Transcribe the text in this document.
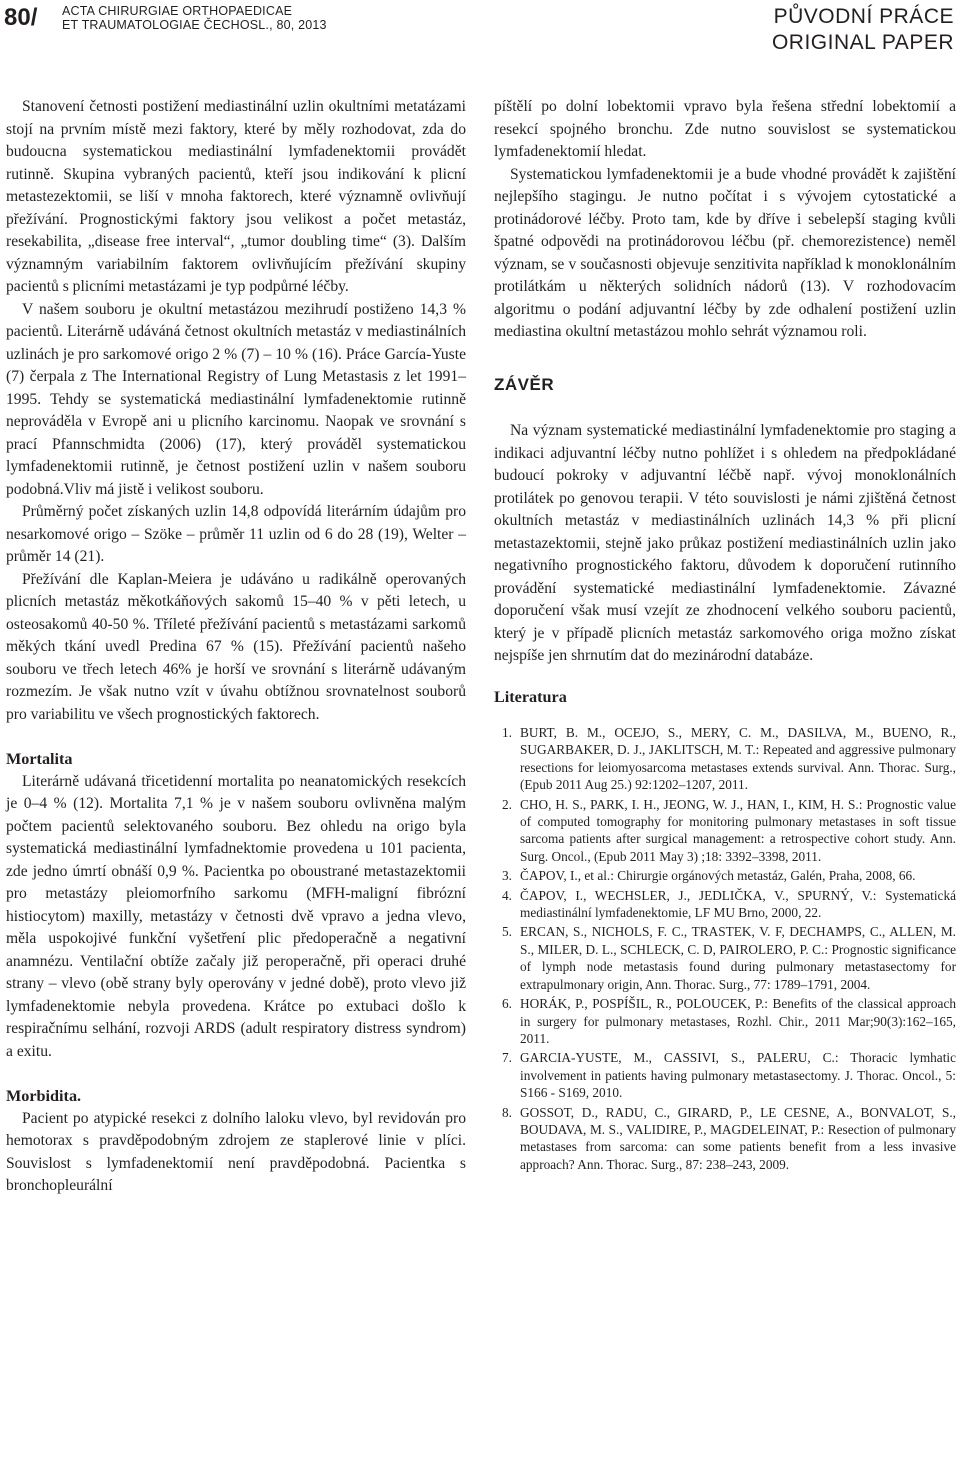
80/ ACTA CHIRURGIAE ORTHOPAEDICAE
ET TRAUMATOLOGIAE ČECHOSL., 80, 2013	PŮVODNÍ PRÁCE
ORIGINAL PAPER

Stanovení četnosti postižení mediastinální uzlin okultními metatázami stojí na prvním místě mezi faktory, které by měly rozhodovat, zda do budoucna systematickou mediastinální lymfadenektomii provádět rutinně. Skupina vybraných pacientů, kteří jsou indikování k plicní metastezektomii, se liší v mnoha faktorech, které významně ovlivňují přežívání. Prognostickými faktory jsou velikost a počet metastáz, resekabilita, „disease free interval“, „tumor doubling time“ (3). Dalším významným variabilním faktorem ovlivňujícím přežívání skupiny pacientů s plicními metastázami je typ podpůrné léčby.

V našem souboru je okultní metastázou mezihrudí postiženo 14,3 % pacientů. Literárně udáváná četnost okultních metastáz v mediastinálních uzlinách je pro sarkomové origo 2 % (7) – 10 % (16). Práce García-Yuste (7) čerpala z The International Registry of Lung Metastasis z let 1991–1995. Tehdy se systematická mediastinální lymfadenektomie rutinně neprováděla v Evropě ani u plicního karcinomu. Naopak ve srovnání s prací Pfannschmidta (2006) (17), který prováděl systematickou lymfadenektomii rutinně, je četnost postižení uzlin v našem souboru podobná.Vliv má jistě i velikost souboru.

Průměrný počet získaných uzlin 14,8 odpovídá literárním údajům pro nesarkomové origo – Szöke – průměr 11 uzlin od 6 do 28 (19), Welter – průměr 14 (21).

Přežívání dle Kaplan-Meiera je udáváno u radikálně operovaných plicních metastáz měkotkáňových sakomů 15–40 % v pěti letech, u osteosakomů 40-50 %. Tříleté přežívání pacientů s metastázami sarkomů měkých tkání uvedl Predina 67 % (15). Přežívání pacientů našeho souboru ve třech letech 46% je horší ve srovnání s literárně udávaným rozmezím. Je však nutno vzít v úvahu obtížnou srovnatelnost souborů pro variabilitu ve všech prognostických faktorech.

Mortalita

Literárně udávaná třicetidenní mortalita po neanatomických resekcích je 0–4 % (12). Mortalita 7,1 % je v našem souboru ovlivněna malým počtem pacientů selektovaného souboru. Bez ohledu na origo byla systematická mediastinální lymfadnektomie provedena u 101 pacienta, zde jedno úmrtí obnáší 0,9 %. Pacientka po oboustrané metastazektomii pro metastázy pleiomorfního sarkomu (MFH-maligní fibrózní histiocytom) maxilly, metastázy v četnosti dvě vpravo a jedna vlevo, měla uspokojivé funkční vyšetření plic předoperačně a negativní anamnézu. Ventilační obtíže začaly již peroperačně, při operaci druhé strany – vlevo (obě strany byly operovány v jedné době), proto vlevo již lymfadenektomie nebyla provedena. Krátce po extubaci došlo k respiračnímu selhání, rozvoji ARDS (adult respiratory distress syndrom) a exitu.

Morbidita.

Pacient po atypické resekci z dolního laloku vlevo, byl revidován pro hemotorax s pravděpodobným zdrojem ze staplerové linie v plíci. Souvislost s lymfadenektomií není pravděpodobná. Pacientka s bronchopleurální

píštělí po dolní lobektomii vpravo byla řešena střední lobektomií a resekcí spojného bronchu. Zde nutno souvislost se systematickou lymfadenektomií hledat.

Systematickou lymfadenektomii je a bude vhodné provádět k zajištění nejlepšího stagingu. Je nutno počítat i s vývojem cytostatické a protinádorové léčby. Proto tam, kde by dříve i sebelepší staging kvůli špatné odpovědi na protinádorovou léčbu (př. chemorezistence) neměl význam, se v současnosti objevuje senzitivita například k monoklonálním protilátkám u některých solidních nádorů (13). V rozhodovacím algoritmu o podání adjuvantní léčby by zde odhalení postižení uzlin mediastina okultní metastázou mohlo sehrát významou roli.

ZÁVĚR

Na význam systematické mediastinální lymfadenektomie pro staging a indikaci adjuvantní léčby nutno pohlížet i s ohledem na předpokládané budoucí pokroky v adjuvantní léčbě např. vývoj monoklonálních protilátek po genovou terapii. V této souvislosti je námi zjištěná četnost okultních metastáz v mediastinálních uzlinách 14,3 % při plicní metastazektomii, stejně jako průkaz postižení mediastinálních uzlin jako negativního prognostického faktoru, důvodem k doporučení rutinního provádění systematické mediastinální lymfadenektomie. Závazné doporučení však musí vzejít ze zhodnocení velkého souboru pacientů, který je v případě plicních metastáz sarkomového origa možno získat nejspíše jen shrnutím dat do mezinárodní databáze.

Literatura
1. BURT, B. M., OCEJO, S., MERY, C. M., DASILVA, M., BUENO, R., SUGARBAKER, D. J., JAKLITSCH, M. T.: Repeated and aggressive pulmonary resections for leiomyosarcoma metastases extends survival. Ann. Thorac. Surg., (Epub 2011 Aug 25.) 92:1202–1207, 2011.
2. CHO, H. S., PARK, I. H., JEONG, W. J., HAN, I., KIM, H. S.: Prognostic value of computed tomography for monitoring pulmonary metastases in soft tissue sarcoma patients after surgical management: a retrospective cohort study. Ann. Surg. Oncol., (Epub 2011 May 3) ;18: 3392–3398, 2011.
3. ČAPOV, I., et al.: Chirurgie orgánových metastáz, Galén, Praha, 2008, 66.
4. ČAPOV, I., WECHSLER, J., JEDLIČKA, V., SPURNÝ, V.: Systematická mediastinální lymfadenektomie, LF MU Brno, 2000, 22.
5. ERCAN, S., NICHOLS, F. C., TRASTEK, V. F, DECHAMPS, C., ALLEN, M. S., MILER, D. L., SCHLECK, C. D, PAIROLERO, P. C.: Prognostic significance of lymph node metastasis found during pulmonary metastasectomy for extrapulmonary origin, Ann. Thorac. Surg., 77: 1789–1791, 2004.
6. HORÁK, P., POSPÍŠIL, R., POLOUCEK, P.: Benefits of the classical approach in surgery for pulmonary metastases, Rozhl. Chir., 2011 Mar;90(3):162–165, 2011.
7. GARCIA-YUSTE, M., CASSIVI, S., PALERU, C.: Thoracic lymhatic involvement in patients having pulmonary metastasectomy. J. Thorac. Oncol., 5: S166 - S169, 2010.
8. GOSSOT, D., RADU, C., GIRARD, P., LE CESNE, A., BONVALOT, S., BOUDAVA, M. S., VALIDIRE, P., MAGDELEINAT, P.: Resection of pulmonary metastases from sarcoma: can some patients benefit from a less invasive approach? Ann. Thorac. Surg., 87: 238–243, 2009.
